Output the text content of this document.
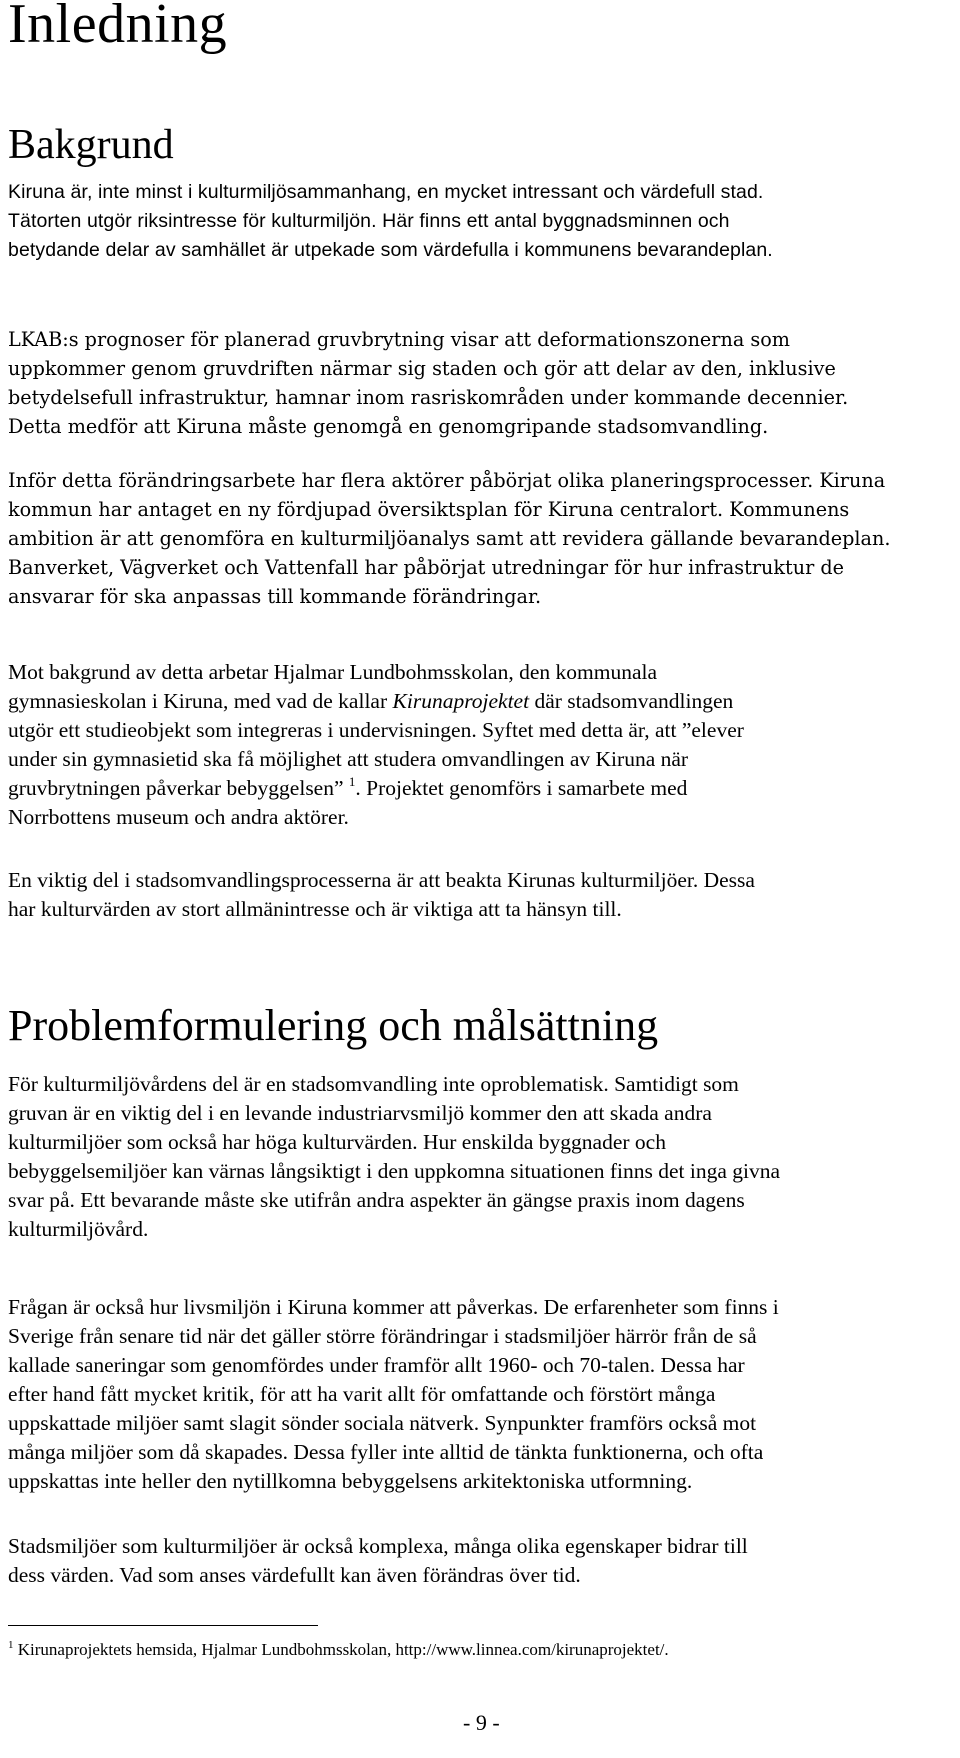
Inledning
Bakgrund

Kiruna är, inte minst i kulturmiljösammanhang, en mycket intressant och värdefull stad.
Tätorten utgör riksintresse för kulturmiljön. Här finns ett antal byggnadsminnen och
betydande delar av samhället är utpekade som värdefulla i kommunens bevarandeplan.

LKAB:s prognoser för planerad gruvbrytning visar att deformationszonerna som
uppkommer genom gruvdriften närmar sig staden och gör att delar av den, inklusive
betydelsefull infrastruktur, hamnar inom rasriskområden under kommande decennier.
Detta medför att Kiruna måste genomgå en genomgripande stadsomvandling.

Inför detta förändringsarbete har flera aktörer påbörjat olika planeringsprocesser. Kiruna
kommun har antaget en ny fördjupad översiktsplan för Kiruna centralort. Kommunens
ambition är att genomföra en kulturmiljöanalys samt att revidera gällande bevarandeplan.
Banverket, Vägverket och Vattenfall har påbörjat utredningar för hur infrastruktur de
ansvarar för ska anpassas till kommande förändringar.

Mot bakgrund av detta arbetar Hjalmar Lundbohmsskolan, den kommunala
gymnasieskolan i Kiruna, med vad de kallar Kirunaprojektet där stadsomvandlingen
utgör ett studieobjekt som integreras i undervisningen. Syftet med detta är, att ”elever
under sin gymnasietid ska få möjlighet att studera omvandlingen av Kiruna när
gruvbrytningen påverkar bebyggelsen” $^1$. Projektet genomförs i samarbete med
Norrbottens museum och andra aktörer.

En viktig del i stadsomvandlingsprocesserna är att beakta Kirunas kulturmiljöer. Dessa
har kulturvärden av stort allmänintresse och är viktiga att ta hänsyn till.

Problemformulering och målsättning

För kulturmiljövårdens del är en stadsomvandling inte oproblematisk. Samtidigt som
gruvan är en viktig del i en levande industriarvsmiljö kommer den att skada andra
kulturmiljöer som också har höga kulturvärden. Hur enskilda byggnader och
bebyggelsemiljöer kan värnas långsiktigt i den uppkomna situationen finns det inga givna
svar på. Ett bevarande måste ske utifrån andra aspekter än gängse praxis inom dagens
kulturmiljövård.

Frågan är också hur livsmiljön i Kiruna kommer att påverkas. De erfarenheter som finns i
Sverige från senare tid när det gäller större förändringar i stadsmiljöer härrör från de så
kallade saneringar som genomfördes under framför allt 1960- och 70-talen. Dessa har
efter hand fått mycket kritik, för att ha varit allt för omfattande och förstört många
uppskattade miljöer samt slagit sönder sociala nätverk. Synpunkter framförs också mot
många miljöer som då skapades. Dessa fyller inte alltid de tänkta funktionerna, och ofta
uppskattas inte heller den nytillkomna bebyggelsens arkitektoniska utformning.

Stadsmiljöer som kulturmiljöer är också komplexa, många olika egenskaper bidrar till
dess värden. Vad som anses värdefullt kan även förändras över tid.

$^1$ Kirunaprojektets hemsida, Hjalmar Lundbohmsskolan, http://www.linnea.com/kirunaprojektet/.
- 9 -
